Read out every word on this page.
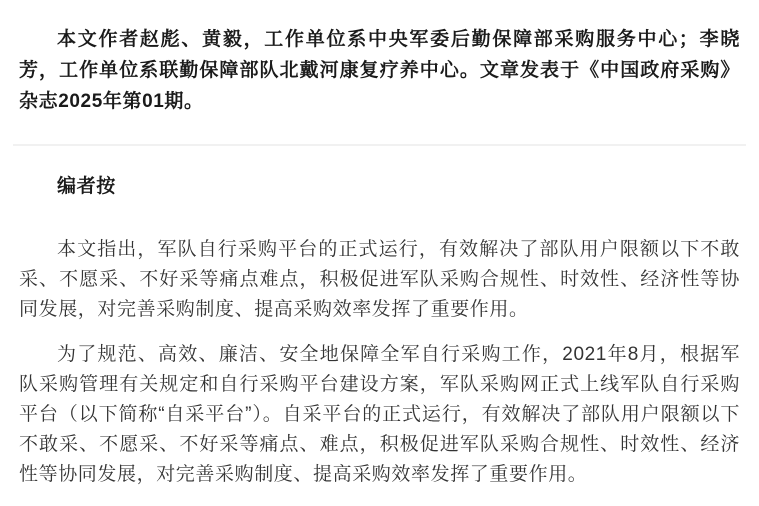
本文作者赵彪、黄毅，工作单位系中央军委后勤保障部采购服务中心；李晓芳，工作单位系联勤保障部队北戴河康复疗养中心。文章发表于《中国政府采购》杂志2025年第01期。

编者按

本文指出，军队自行采购平台的正式运行，有效解决了部队用户限额以下不敢采、不愿采、不好采等痛点难点，积极促进军队采购合规性、时效性、经济性等协同发展，对完善采购制度、提高采购效率发挥了重要作用。

为了规范、高效、廉洁、安全地保障全军自行采购工作，2021年8月，根据军队采购管理有关规定和自行采购平台建设方案，军队采购网正式上线军队自行采购平台（以下简称“自采平台”）。自采平台的正式运行，有效解决了部队用户限额以下不敢采、不愿采、不好采等痛点、难点，积极促进军队采购合规性、时效性、经济性等协同发展，对完善采购制度、提高采购效率发挥了重要作用。
